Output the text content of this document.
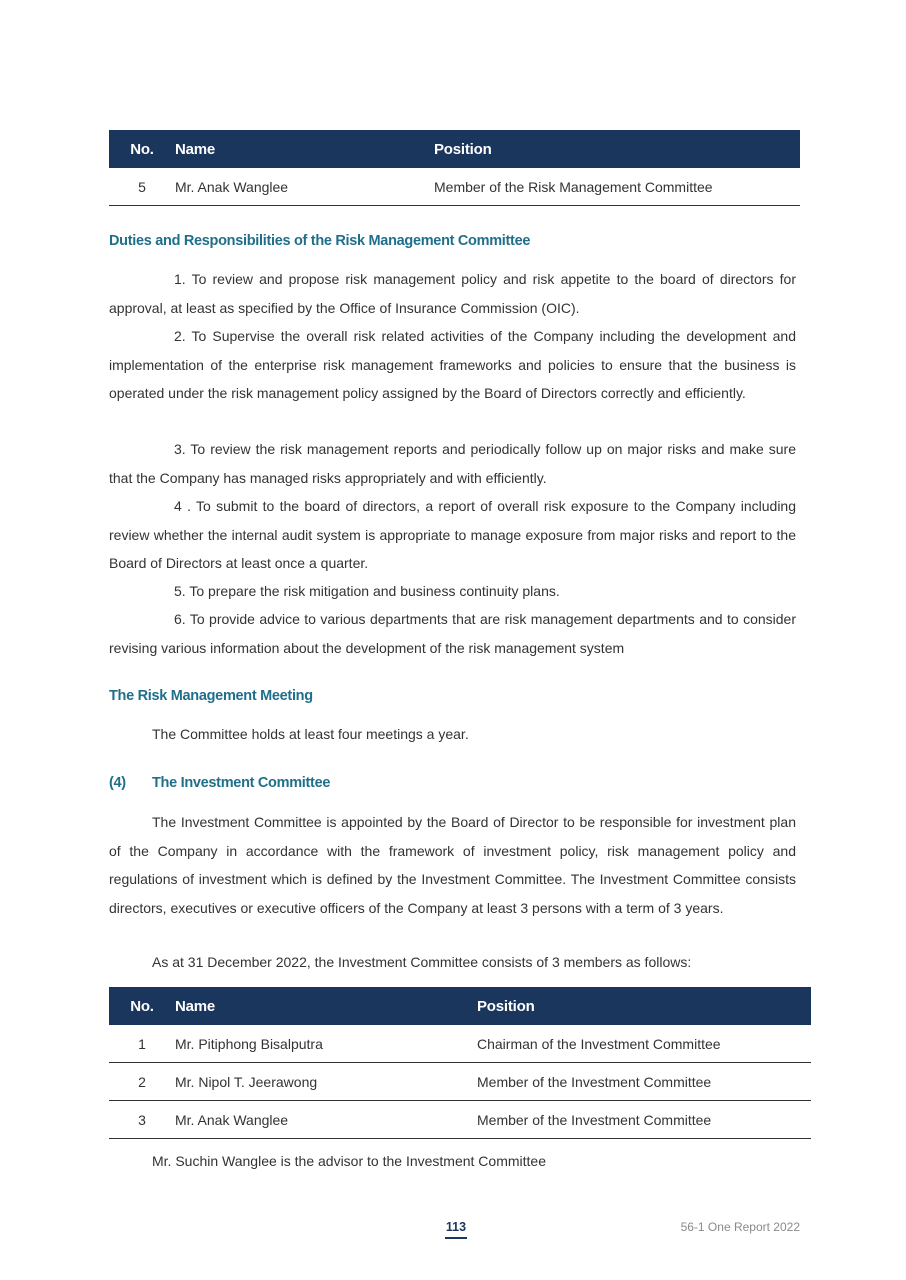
No.	Name	Position
5	Mr. Anak Wanglee	Member of the Risk Management Committee
Duties and Responsibilities of the Risk Management Committee

1. To review and propose risk management policy and risk appetite to the board of directors for approval, at least as specified by the Office of Insurance Commission (OIC).

2. To Supervise the overall risk related activities of the Company including the development and implementation of the enterprise risk management frameworks and policies to ensure that the business is operated under the risk management policy assigned by the Board of Directors correctly and efficiently.

3. To review the risk management reports and periodically follow up on major risks and make sure that the Company has managed risks appropriately and with efficiently.

4 . To submit to the board of directors, a report of overall risk exposure to the Company including review whether the internal audit system is appropriate to manage exposure from major risks and report to the Board of Directors at least once a quarter.

5. To prepare the risk mitigation and business continuity plans.

6. To provide advice to various departments that are risk management departments and to consider revising various information about the development of the risk management system

The Risk Management Meeting
The Committee holds at least four meetings a year.
(4) The Investment Committee

The Investment Committee is appointed by the Board of Director to be responsible for investment plan of the Company in accordance with the framework of investment policy, risk management policy and regulations of investment which is defined by the Investment Committee. The Investment Committee consists directors, executives or executive officers of the Company at least 3 persons with a term of 3 years.

As at 31 December 2022, the Investment Committee consists of 3 members as follows:
No.	Name	Position
1	Mr. Pitiphong Bisalputra	Chairman of the Investment Committee
2	Mr. Nipol T. Jeerawong	Member of the Investment Committee
3	Mr. Anak Wanglee	Member of the Investment Committee
Mr. Suchin Wanglee is the advisor to the Investment Committee
113	56-1 One Report 2022
